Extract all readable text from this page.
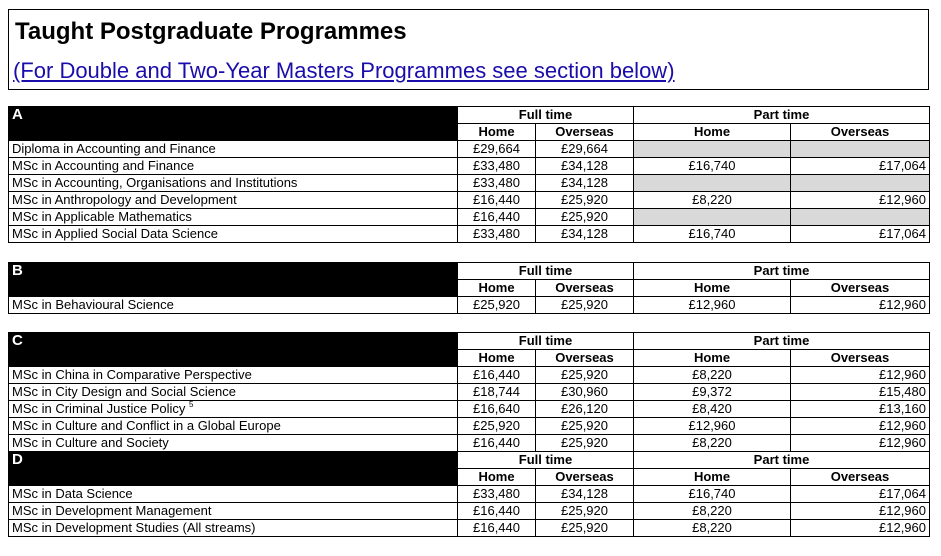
Taught Postgraduate Programmes
(For Double and Two-Year Masters Programmes see section below)
A	Full time		Part time	
	Home	Overseas	Home	Overseas
Diploma in Accounting and Finance	£29,664	£29,664		
MSc in Accounting and Finance	£33,480	£34,128	£16,740	£17,064
MSc in Accounting, Organisations and Institutions	£33,480	£34,128		
MSc in Anthropology and Development	£16,440	£25,920	£8,220	£12,960
MSc in Applicable Mathematics	£16,440	£25,920		
MSc in Applied Social Data Science	£33,480	£34,128	£16,740	£17,064
B	Full time		Part time	
	Home	Overseas	Home	Overseas
MSc in Behavioural Science	£25,920	£25,920	£12,960	£12,960
C	Full time		Part time	
	Home	Overseas	Home	Overseas
MSc in China in Comparative Perspective	£16,440	£25,920	£8,220	£12,960
MSc in City Design and Social Science	£18,744	£30,960	£9,372	£15,480
MSc in Criminal Justice Policy $^5$	£16,640	£26,120	£8,420	£13,160
MSc in Culture and Conflict in a Global Europe	£25,920	£25,920	£12,960	£12,960
MSc in Culture and Society	£16,440	£25,920	£8,220	£12,960
D	Full time		Part time	
	Home	Overseas	Home	Overseas
MSc in Data Science	£33,480	£34,128	£16,740	£17,064
MSc in Development Management	£16,440	£25,920	£8,220	£12,960
MSc in Development Studies (All streams)	£16,440	£25,920	£8,220	£12,960
